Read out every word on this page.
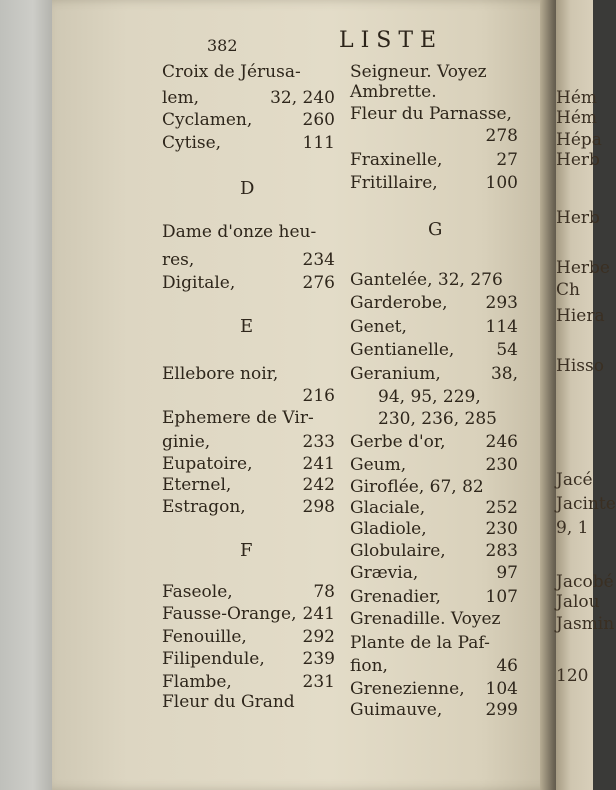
382	LISTE
Hém
Hém
Hépa
Herb
Herb
Herbe
Ch
Hiera
Hisso
Jacé
Jacinte
9, 1
Jacobé
Jalou
Jasmin
120
Croix de Jérusa-
lem,	32, 240
Cyclamen,	260
Cytise,	111
D
Dame d'onze heu-
res,	234
Digitale,	276
E
Ellebore noir,
216
Ephemere de Vir-
ginie,	233
Eupatoire,	241
Eternel,	242
Estragon,	298
F
Faseole,	78
Fausse-Orange, 241
Fenouille,	292
Filipendule, 239
Flambe,	231
Fleur du Grand
Seigneur. Voyez
Ambrette.
Fleur du Parnasse,
278
Fraxinelle,	27
Fritillaire,	100
G
Gantelée, 32, 276
Garderobe, 293
Genet,	114
Gentianelle, 54
Geranium,	38,
94, 95, 229,
230, 236, 285
Gerbe d'or, 246
Geum,	230
Giroflée, 67, 82
Glaciale,	252
Gladiole,	230
Globulaire, 283
Grævia,	97
Grenadier,	107
Grenadille. Voyez
Plante de la Paf-
fion,	46
Grenezienne, 104
Guimauve,	299
